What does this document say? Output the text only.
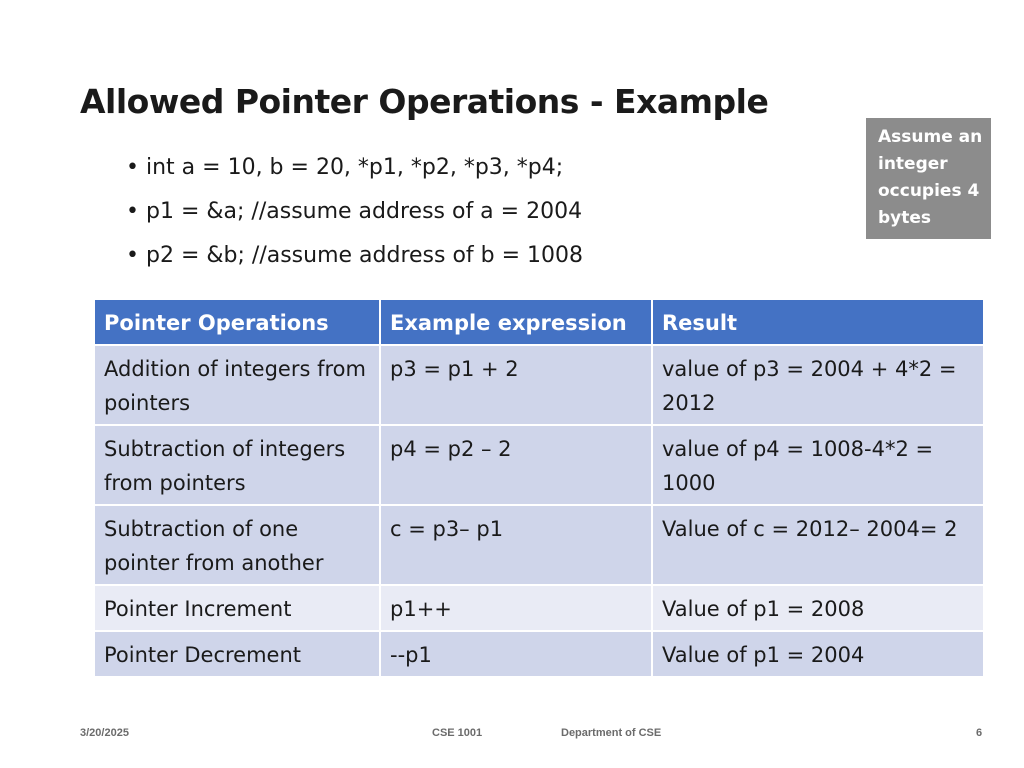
Allowed Pointer Operations - Example
• int a = 10, b = 20, *p1, *p2, *p3, *p4;
• p1 = &a; //assume address of a = 2004
• p2 = &b; //assume address of b = 1008
Assume an integer occupies 4 bytes
Pointer Operations	Example expression	Result
Addition of integers from pointers	p3 = p1 + 2	value of p3 = 2004 + 4*2 = 2012
Subtraction of integers from pointers	p4 = p2 – 2	value of p4 = 1008-4*2 = 1000
Subtraction of one pointer from another	c = p3– p1	Value of c = 2012– 2004= 2
Pointer Increment	p1++	Value of p1 = 2008
Pointer Decrement	--p1	Value of p1 = 2004
3/20/2025	CSE 1001	Department of CSE	6
